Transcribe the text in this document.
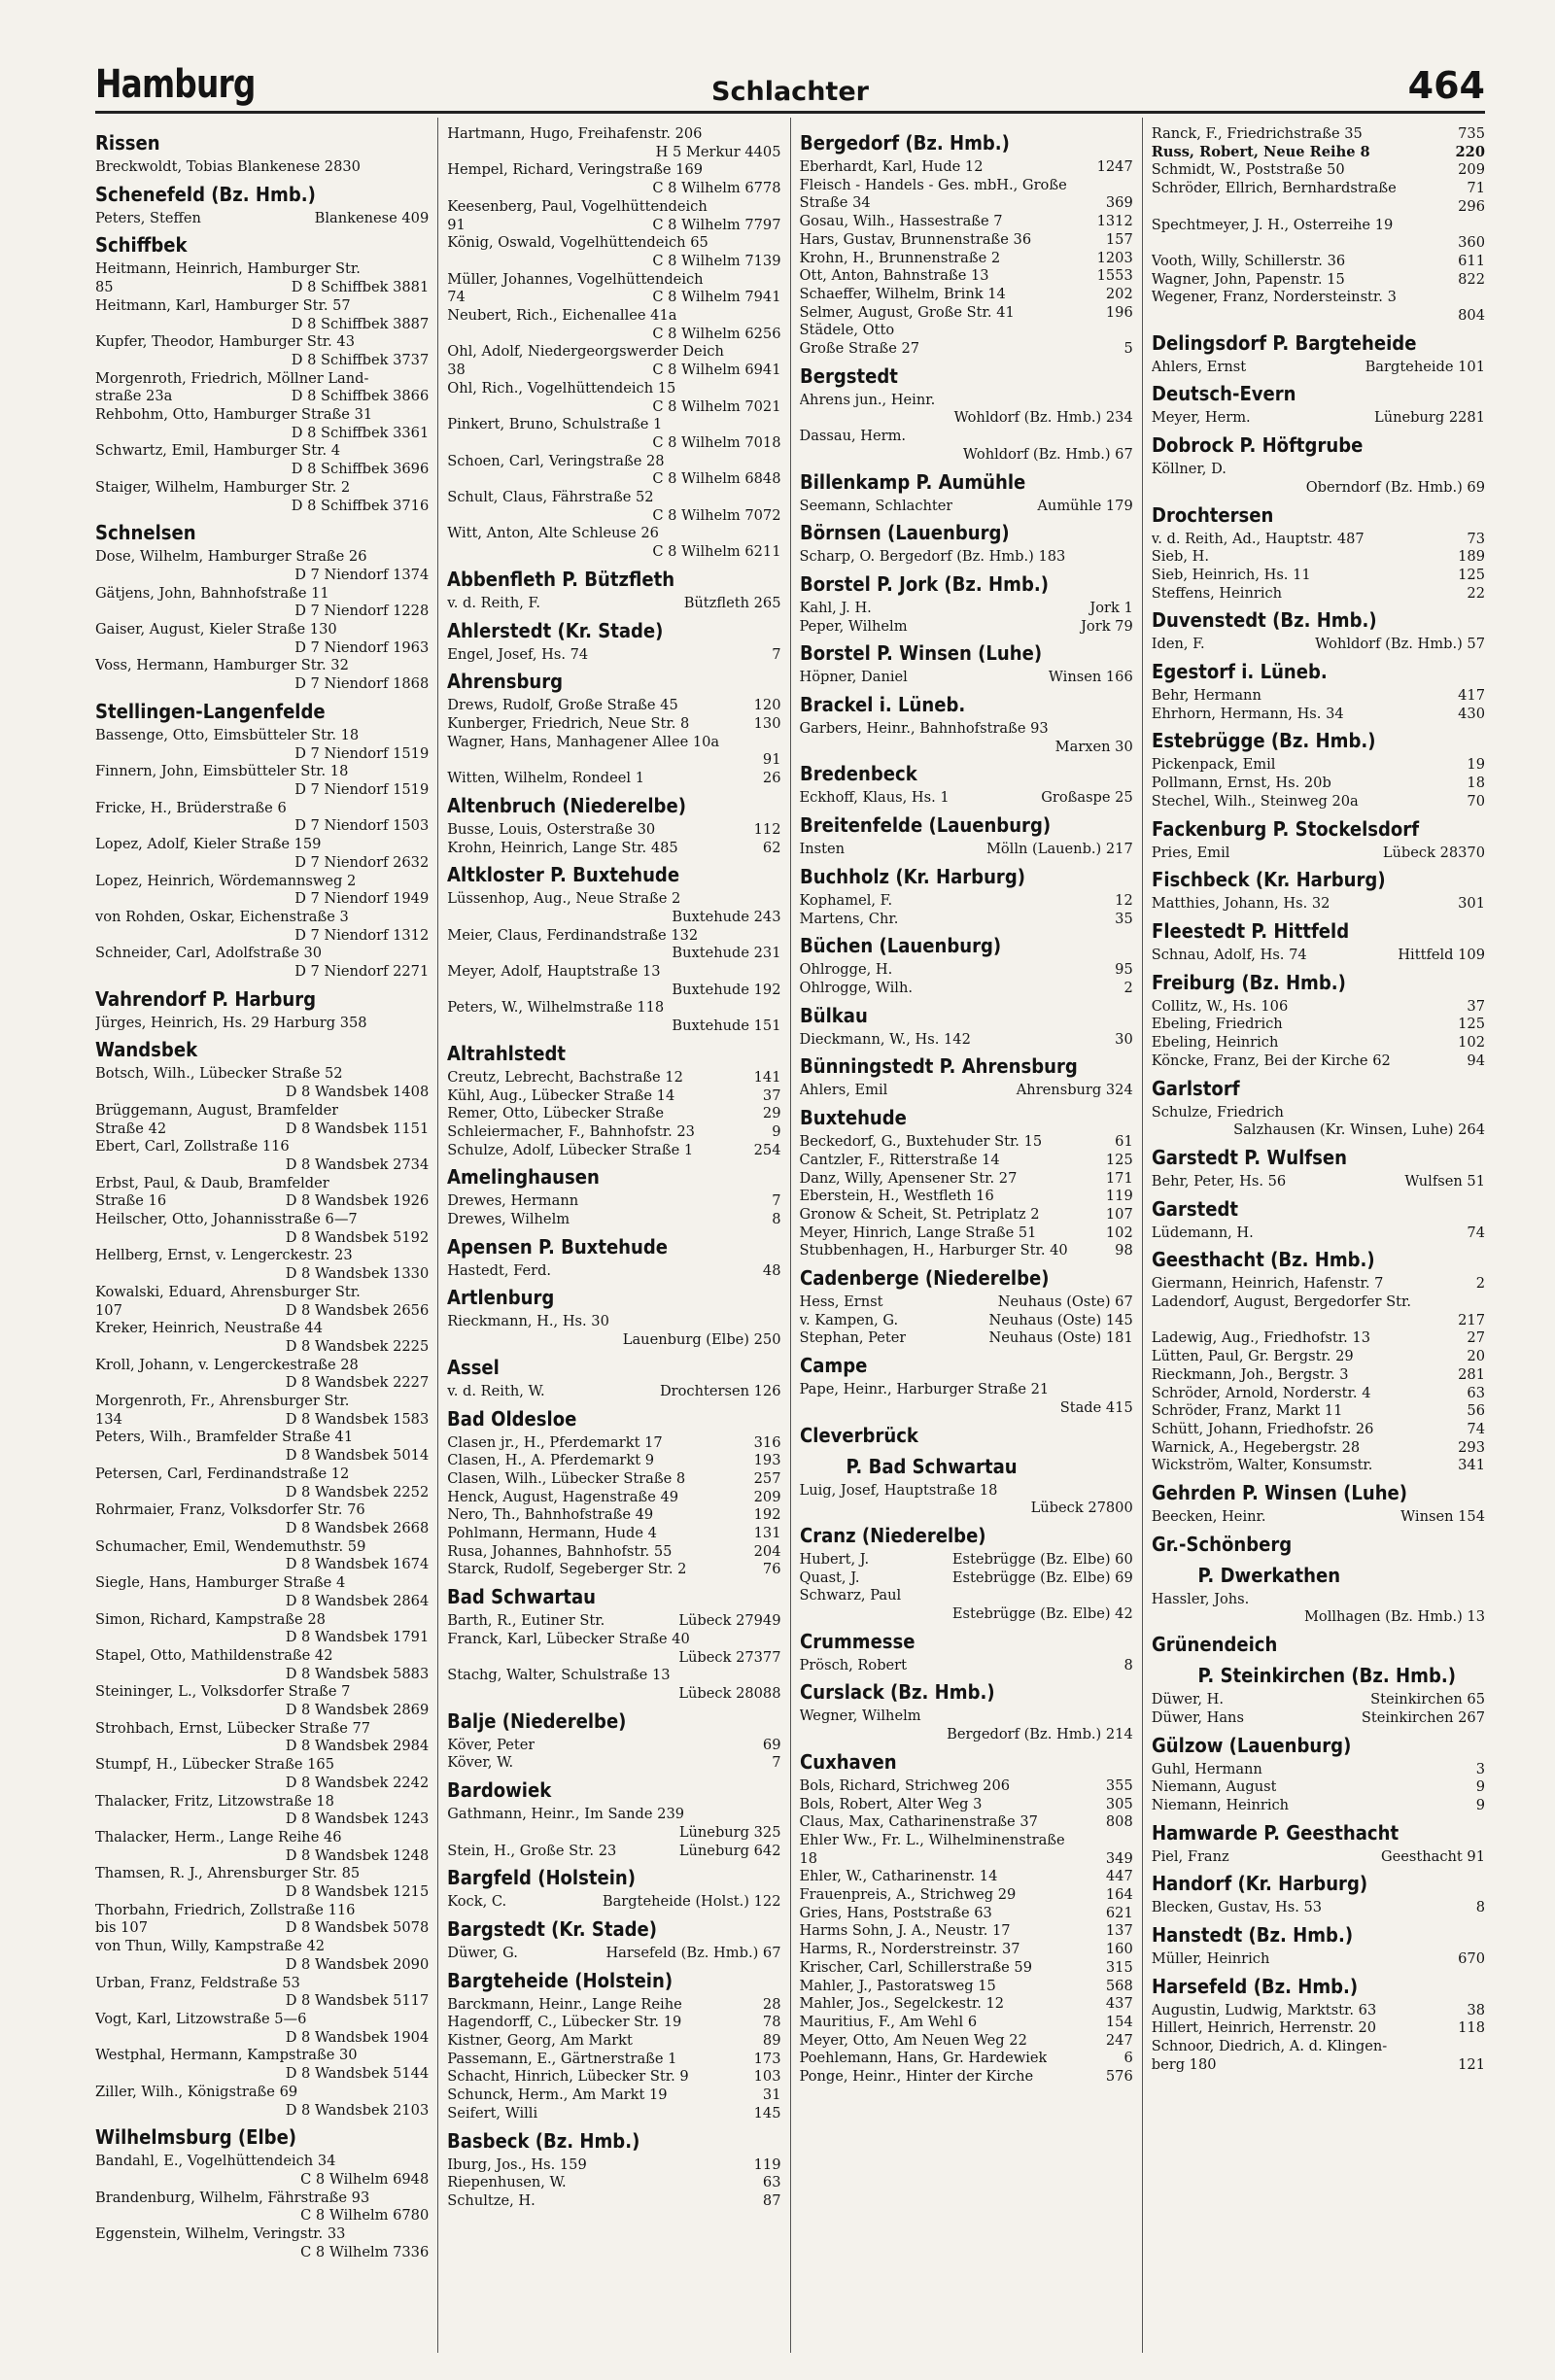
Hamburg	Schlachter	464
Rissen
Breckwoldt, Tobias Blankenese 2830
Schenefeld (Bz. Hmb.)
Peters, Steffen	Blankenese 409
Schiffbek
Heitmann, Heinrich, Hamburger Str.
85	D 8 Schiffbek 3881
Heitmann, Karl, Hamburger Str. 57
D 8 Schiffbek 3887
Kupfer, Theodor, Hamburger Str. 43
D 8 Schiffbek 3737
Morgenroth, Friedrich, Möllner Land-
straße 23a	D 8 Schiffbek 3866
Rehbohm, Otto, Hamburger Straße 31
D 8 Schiffbek 3361
Schwartz, Emil, Hamburger Str. 4
D 8 Schiffbek 3696
Staiger, Wilhelm, Hamburger Str. 2
D 8 Schiffbek 3716
Schnelsen
Dose, Wilhelm, Hamburger Straße 26
D 7 Niendorf 1374
Gätjens, John, Bahnhofstraße 11
D 7 Niendorf 1228
Gaiser, August, Kieler Straße 130
D 7 Niendorf 1963
Voss, Hermann, Hamburger Str. 32
D 7 Niendorf 1868
Stellingen-Langenfelde
Bassenge, Otto, Eimsbütteler Str. 18
D 7 Niendorf 1519
Finnern, John, Eimsbütteler Str. 18
D 7 Niendorf 1519
Fricke, H., Brüderstraße 6
D 7 Niendorf 1503
Lopez, Adolf, Kieler Straße 159
D 7 Niendorf 2632
Lopez, Heinrich, Wördemannsweg 2
D 7 Niendorf 1949
von Rohden, Oskar, Eichenstraße 3
D 7 Niendorf 1312
Schneider, Carl, Adolfstraße 30
D 7 Niendorf 2271
Vahrendorf P. Harburg
Jürges, Heinrich, Hs. 29 Harburg 358
Wandsbek
Botsch, Wilh., Lübecker Straße 52
D 8 Wandsbek 1408
Brüggemann, August, Bramfelder
Straße 42	D 8 Wandsbek 1151
Ebert, Carl, Zollstraße 116
D 8 Wandsbek 2734
Erbst, Paul, & Daub, Bramfelder
Straße 16	D 8 Wandsbek 1926
Heilscher, Otto, Johannisstraße 6—7
D 8 Wandsbek 5192
Hellberg, Ernst, v. Lengerckestr. 23
D 8 Wandsbek 1330
Kowalski, Eduard, Ahrensburger Str.
107	D 8 Wandsbek 2656
Kreker, Heinrich, Neustraße 44
D 8 Wandsbek 2225
Kroll, Johann, v. Lengerckestraße 28
D 8 Wandsbek 2227
Morgenroth, Fr., Ahrensburger Str.
134	D 8 Wandsbek 1583
Peters, Wilh., Bramfelder Straße 41
D 8 Wandsbek 5014
Petersen, Carl, Ferdinandstraße 12
D 8 Wandsbek 2252
Rohrmaier, Franz, Volksdorfer Str. 76
D 8 Wandsbek 2668
Schumacher, Emil, Wendemuthstr. 59
D 8 Wandsbek 1674
Siegle, Hans, Hamburger Straße 4
D 8 Wandsbek 2864
Simon, Richard, Kampstraße 28
D 8 Wandsbek 1791
Stapel, Otto, Mathildenstraße 42
D 8 Wandsbek 5883
Steininger, L., Volksdorfer Straße 7
D 8 Wandsbek 2869
Strohbach, Ernst, Lübecker Straße 77
D 8 Wandsbek 2984
Stumpf, H., Lübecker Straße 165
D 8 Wandsbek 2242
Thalacker, Fritz, Litzowstraße 18
D 8 Wandsbek 1243
Thalacker, Herm., Lange Reihe 46
D 8 Wandsbek 1248
Thamsen, R. J., Ahrensburger Str. 85
D 8 Wandsbek 1215
Thorbahn, Friedrich, Zollstraße 116
bis 107	D 8 Wandsbek 5078
von Thun, Willy, Kampstraße 42
D 8 Wandsbek 2090
Urban, Franz, Feldstraße 53
D 8 Wandsbek 5117
Vogt, Karl, Litzowstraße 5—6
D 8 Wandsbek 1904
Westphal, Hermann, Kampstraße 30
D 8 Wandsbek 5144
Ziller, Wilh., Königstraße 69
D 8 Wandsbek 2103
Wilhelmsburg (Elbe)
Bandahl, E., Vogelhüttendeich 34
C 8 Wilhelm 6948
Brandenburg, Wilhelm, Fährstraße 93
C 8 Wilhelm 6780
Eggenstein, Wilhelm, Veringstr. 33
C 8 Wilhelm 7336
Hartmann, Hugo, Freihafenstr. 206
H 5 Merkur 4405
Hempel, Richard, Veringstraße 169
C 8 Wilhelm 6778
Keesenberg, Paul, Vogelhüttendeich
91	C 8 Wilhelm 7797
König, Oswald, Vogelhüttendeich 65
C 8 Wilhelm 7139
Müller, Johannes, Vogelhüttendeich
74	C 8 Wilhelm 7941
Neubert, Rich., Eichenallee 41a
C 8 Wilhelm 6256
Ohl, Adolf, Niedergeorgswerder Deich
38	C 8 Wilhelm 6941
Ohl, Rich., Vogelhüttendeich 15
C 8 Wilhelm 7021
Pinkert, Bruno, Schulstraße 1
C 8 Wilhelm 7018
Schoen, Carl, Veringstraße 28
C 8 Wilhelm 6848
Schult, Claus, Fährstraße 52
C 8 Wilhelm 7072
Witt, Anton, Alte Schleuse 26
C 8 Wilhelm 6211
Abbenfleth P. Bützfleth
v. d. Reith, F.	Bützfleth 265
Ahlerstedt (Kr. Stade)
Engel, Josef, Hs. 74	7
Ahrensburg
Drews, Rudolf, Große Straße 45	120
Kunberger, Friedrich, Neue Str. 8	130
Wagner, Hans, Manhagener Allee 10a
91
Witten, Wilhelm, Rondeel 1	26
Altenbruch (Niederelbe)
Busse, Louis, Osterstraße 30	112
Krohn, Heinrich, Lange Str. 485	62
Altkloster P. Buxtehude
Lüssenhop, Aug., Neue Straße 2
Buxtehude 243
Meier, Claus, Ferdinandstraße 132
Buxtehude 231
Meyer, Adolf, Hauptstraße 13
Buxtehude 192
Peters, W., Wilhelmstraße 118
Buxtehude 151
Altrahlstedt
Creutz, Lebrecht, Bachstraße 12	141
Kühl, Aug., Lübecker Straße 14	37
Remer, Otto, Lübecker Straße	29
Schleiermacher, F., Bahnhofstr. 23	9
Schulze, Adolf, Lübecker Straße 1	254
Amelinghausen
Drewes, Hermann	7
Drewes, Wilhelm	8
Apensen P. Buxtehude
Hastedt, Ferd.	48
Artlenburg
Rieckmann, H., Hs. 30
Lauenburg (Elbe) 250
Assel
v. d. Reith, W.	Drochtersen 126
Bad Oldesloe
Clasen jr., H., Pferdemarkt 17	316
Clasen, H., A. Pferdemarkt 9	193
Clasen, Wilh., Lübecker Straße 8	257
Henck, August, Hagenstraße 49	209
Nero, Th., Bahnhofstraße 49	192
Pohlmann, Hermann, Hude 4	131
Rusa, Johannes, Bahnhofstr. 55	204
Starck, Rudolf, Segeberger Str. 2	76
Bad Schwartau
Barth, R., Eutiner Str.	Lübeck 27949
Franck, Karl, Lübecker Straße 40
Lübeck 27377
Stachg, Walter, Schulstraße 13
Lübeck 28088
Balje (Niederelbe)
Köver, Peter	69
Köver, W.	7
Bardowiek
Gathmann, Heinr., Im Sande 239
Lüneburg 325
Stein, H., Große Str. 23	Lüneburg 642
Bargfeld (Holstein)
Kock, C.	Bargteheide (Holst.) 122
Bargstedt (Kr. Stade)
Düwer, G.	Harsefeld (Bz. Hmb.) 67
Bargteheide (Holstein)
Barckmann, Heinr., Lange Reihe	28
Hagendorff, C., Lübecker Str. 19	78
Kistner, Georg, Am Markt	89
Passemann, E., Gärtnerstraße 1	173
Schacht, Hinrich, Lübecker Str. 9	103
Schunck, Herm., Am Markt 19	31
Seifert, Willi	145
Basbeck (Bz. Hmb.)
Iburg, Jos., Hs. 159	119
Riepenhusen, W.	63
Schultze, H.	87
Bergedorf (Bz. Hmb.)
Eberhardt, Karl, Hude 12	1247
Fleisch - Handels - Ges. mbH., Große
Straße 34	369
Gosau, Wilh., Hassestraße 7	1312
Hars, Gustav, Brunnenstraße 36	157
Krohn, H., Brunnenstraße 2	1203
Ott, Anton, Bahnstraße 13	1553
Schaeffer, Wilhelm, Brink 14	202
Selmer, August, Große Str. 41	196
Städele, Otto
Große Straße 27	5
Bergstedt
Ahrens jun., Heinr.
Wohldorf (Bz. Hmb.) 234
Dassau, Herm.
Wohldorf (Bz. Hmb.) 67
Billenkamp P. Aumühle
Seemann, Schlachter	Aumühle 179
Börnsen (Lauenburg)
Scharp, O. Bergedorf (Bz. Hmb.) 183
Borstel P. Jork (Bz. Hmb.)
Kahl, J. H.	Jork 1
Peper, Wilhelm	Jork 79
Borstel P. Winsen (Luhe)
Höpner, Daniel	Winsen 166
Brackel i. Lüneb.
Garbers, Heinr., Bahnhofstraße 93
Marxen 30
Bredenbeck
Eckhoff, Klaus, Hs. 1	Großaspe 25
Breitenfelde (Lauenburg)
Insten	Mölln (Lauenb.) 217
Buchholz (Kr. Harburg)
Kophamel, F.	12
Martens, Chr.	35
Büchen (Lauenburg)
Ohlrogge, H.	95
Ohlrogge, Wilh.	2
Bülkau
Dieckmann, W., Hs. 142	30
Bünningstedt P. Ahrensburg
Ahlers, Emil	Ahrensburg 324
Buxtehude
Beckedorf, G., Buxtehuder Str. 15	61
Cantzler, F., Ritterstraße 14	125
Danz, Willy, Apensener Str. 27	171
Eberstein, H., Westfleth 16	119
Gronow & Scheit, St. Petriplatz 2	107
Meyer, Hinrich, Lange Straße 51	102
Stubbenhagen, H., Harburger Str. 40	98
Cadenberge (Niederelbe)
Hess, Ernst	Neuhaus (Oste) 67
v. Kampen, G.	Neuhaus (Oste) 145
Stephan, Peter	Neuhaus (Oste) 181
Campe
Pape, Heinr., Harburger Straße 21
Stade 415
Cleverbrück
P. Bad Schwartau
Luig, Josef, Hauptstraße 18
Lübeck 27800
Cranz (Niederelbe)
Hubert, J.	Estebrügge (Bz. Elbe) 60
Quast, J.	Estebrügge (Bz. Elbe) 69
Schwarz, Paul
Estebrügge (Bz. Elbe) 42
Crummesse
Prösch, Robert	8
Curslack (Bz. Hmb.)
Wegner, Wilhelm
Bergedorf (Bz. Hmb.) 214
Cuxhaven
Bols, Richard, Strichweg 206	355
Bols, Robert, Alter Weg 3	305
Claus, Max, Catharinenstraße 37	808
Ehler Ww., Fr. L., Wilhelminenstraße
18	349
Ehler, W., Catharinenstr. 14	447
Frauenpreis, A., Strichweg 29	164
Gries, Hans, Poststraße 63	621
Harms Sohn, J. A., Neustr. 17	137
Harms, R., Norderstreinstr. 37	160
Krischer, Carl, Schillerstraße 59	315
Mahler, J., Pastoratsweg 15	568
Mahler, Jos., Segelckestr. 12	437
Mauritius, F., Am Wehl 6	154
Meyer, Otto, Am Neuen Weg 22	247
Poehlemann, Hans, Gr. Hardewiek	6
Ponge, Heinr., Hinter der Kirche	576
Ranck, F., Friedrichstraße 35	735
Russ, Robert, Neue Reihe 8	220
Schmidt, W., Poststraße 50	209
Schröder, Ellrich, Bernhardstraße	71
296
Spechtmeyer, J. H., Osterreihe 19
360
Vooth, Willy, Schillerstr. 36	611
Wagner, John, Papenstr. 15	822
Wegener, Franz, Nordersteinstr. 3
804
Delingsdorf P. Bargteheide
Ahlers, Ernst	Bargteheide 101
Deutsch-Evern
Meyer, Herm.	Lüneburg 2281
Dobrock P. Höftgrube
Köllner, D.
Oberndorf (Bz. Hmb.) 69
Drochtersen
v. d. Reith, Ad., Hauptstr. 487	73
Sieb, H.	189
Sieb, Heinrich, Hs. 11	125
Steffens, Heinrich	22
Duvenstedt (Bz. Hmb.)
Iden, F.	Wohldorf (Bz. Hmb.) 57
Egestorf i. Lüneb.
Behr, Hermann	417
Ehrhorn, Hermann, Hs. 34	430
Estebrügge (Bz. Hmb.)
Pickenpack, Emil	19
Pollmann, Ernst, Hs. 20b	18
Stechel, Wilh., Steinweg 20a	70
Fackenburg P. Stockelsdorf
Pries, Emil	Lübeck 28370
Fischbeck (Kr. Harburg)
Matthies, Johann, Hs. 32	301
Fleestedt P. Hittfeld
Schnau, Adolf, Hs. 74	Hittfeld 109
Freiburg (Bz. Hmb.)
Collitz, W., Hs. 106	37
Ebeling, Friedrich	125
Ebeling, Heinrich	102
Köncke, Franz, Bei der Kirche 62	94
Garlstorf
Schulze, Friedrich
Salzhausen (Kr. Winsen, Luhe) 264
Garstedt P. Wulfsen
Behr, Peter, Hs. 56	Wulfsen 51
Garstedt
Lüdemann, H.	74
Geesthacht (Bz. Hmb.)
Giermann, Heinrich, Hafenstr. 7	2
Ladendorf, August, Bergedorfer Str.
217
Ladewig, Aug., Friedhofstr. 13	27
Lütten, Paul, Gr. Bergstr. 29	20
Rieckmann, Joh., Bergstr. 3	281
Schröder, Arnold, Norderstr. 4	63
Schröder, Franz, Markt 11	56
Schütt, Johann, Friedhofstr. 26	74
Warnick, A., Hegebergstr. 28	293
Wickström, Walter, Konsumstr.	341
Gehrden P. Winsen (Luhe)
Beecken, Heinr.	Winsen 154
Gr.-Schönberg
P. Dwerkathen
Hassler, Johs.
Mollhagen (Bz. Hmb.) 13
Grünendeich
P. Steinkirchen (Bz. Hmb.)
Düwer, H.	Steinkirchen 65
Düwer, Hans	Steinkirchen 267
Gülzow (Lauenburg)
Guhl, Hermann	3
Niemann, August	9
Niemann, Heinrich	9
Hamwarde P. Geesthacht
Piel, Franz	Geesthacht 91
Handorf (Kr. Harburg)
Blecken, Gustav, Hs. 53	8
Hanstedt (Bz. Hmb.)
Müller, Heinrich	670
Harsefeld (Bz. Hmb.)
Augustin, Ludwig, Marktstr. 63	38
Hillert, Heinrich, Herrenstr. 20	118
Schnoor, Diedrich, A. d. Klingen-
berg 180	121
